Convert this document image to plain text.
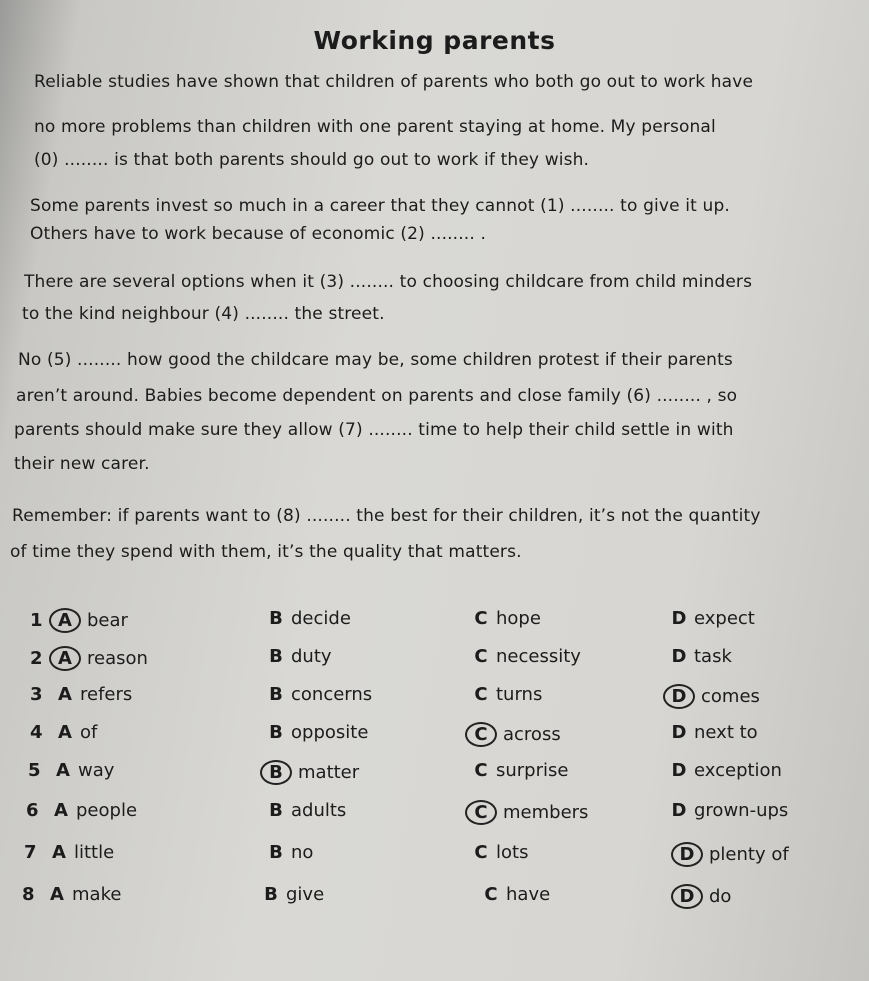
Working parents
Reliable studies have shown that children of parents who both go out to work have
no more problems than children with one parent staying at home. My personal
(0) ........ is that both parents should go out to work if they wish.
Some parents invest so much in a career that they cannot (1) ........ to give it up.
Others have to work because of economic (2) ........ .
There are several options when it (3) ........ to choosing childcare from child minders
to the kind neighbour (4) ........ the street.
No (5) ........ how good the childcare may be, some children protest if their parents
aren’t around. Babies become dependent on parents and close family (6) ........ , so
parents should make sure they allow (7) ........ time to help their child settle in with
their new carer.
Remember: if parents want to (8) ........ the best for their children, it’s not the quantity
of time they spend with them, it’s the quality that matters.
1 A bear	B decide	C hope	D expect
2 A reason	B duty	C necessity	D task
3 A refers	B concerns	C turns	D comes
4 A of	B opposite	C across	D next to
5 A way	B matter	C surprise	D exception
6 A people	B adults	C members	D grown-ups
7 A little	B no	C lots	D plenty of
8 A make	B give	C have	D do
